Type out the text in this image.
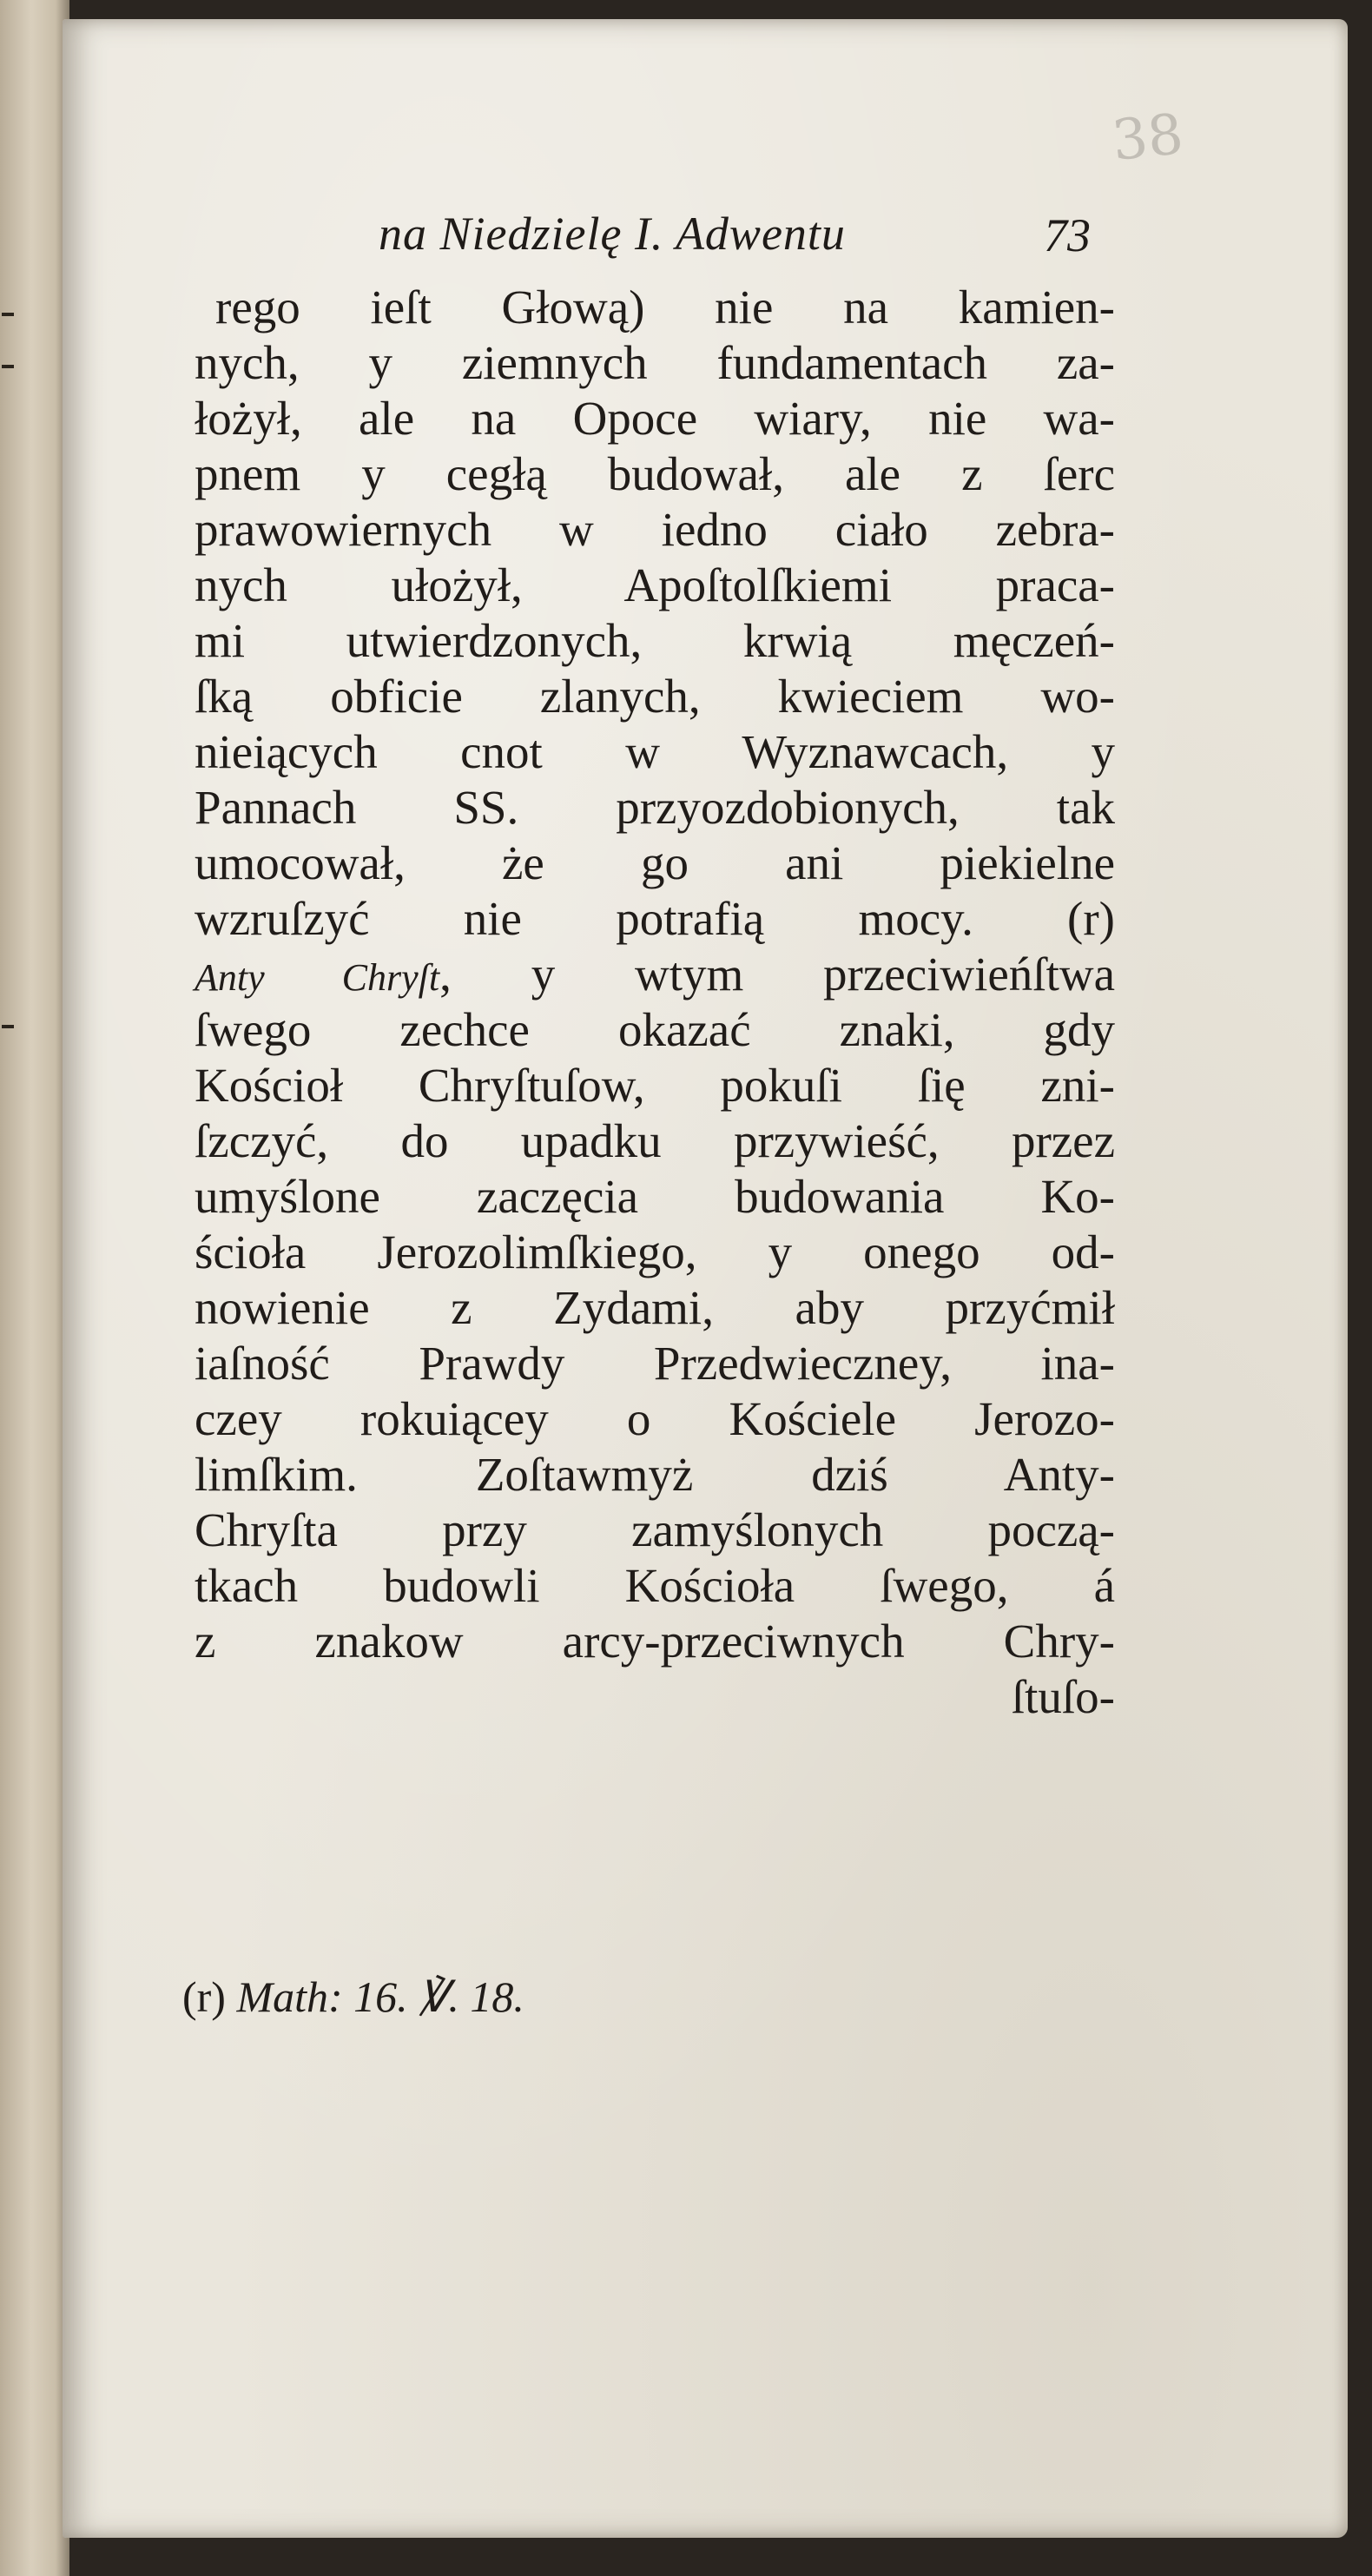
38
na Niedzielę I. Adwentu	73
rego ieſt Głową) nie na kamien-
nych, y ziemnych fundamentach za-
łożył, ale na Opoce wiary, nie wa-
pnem y cegłą budował, ale z ſerc
prawowiernych w iedno ciało zebra-
nych ułożył, Apoſtolſkiemi praca-
mi utwierdzonych, krwią męczeń-
ſką obficie zlanych, kwieciem wo-
nieiących cnot w Wyznawcach, y
Pannach SS. przyozdobionych, tak
umocował, że go ani piekielne
wzruſzyć nie potrafią mocy. (r)
Anty Chryſt, y wtym przeciwieńſtwa
ſwego zechce okazać znaki, gdy
Kościoł Chryſtuſow, pokuſi ſię zni-
ſzczyć, do upadku przywieść, przez
umyślone zaczęcia budowania Ko-
ścioła Jerozolimſkiego, y onego od-
nowienie z Zydami, aby przyćmił
iaſność Prawdy Przedwieczney, ina-
czey rokuiącey o Kościele Jerozo-
limſkim. Zoſtawmyż dziś Anty-
Chryſta przy zamyślonych począ-
tkach budowli Kościoła ſwego, á
z znakow arcy-przeciwnych Chry-
ſtuſo-
(r) Math: 16. ℣. 18.
